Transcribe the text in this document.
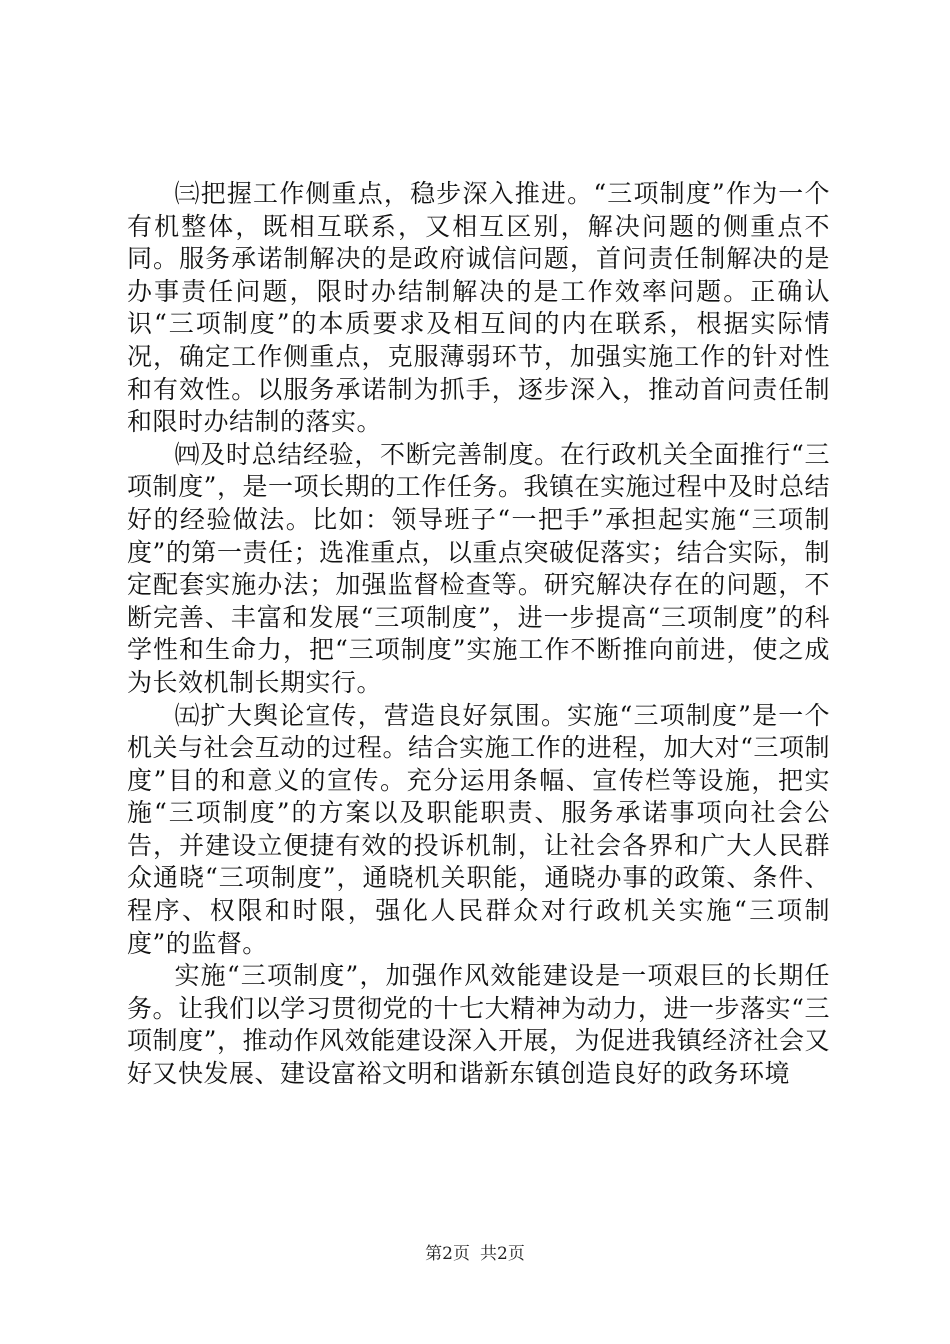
㈢把握工作侧重点，稳步深入推进。“三项制度”作为一个有机整体，既相互联系，又相互区别，解决问题的侧重点不同。服务承诺制解决的是政府诚信问题，首问责任制解决的是办事责任问题，限时办结制解决的是工作效率问题。正确认识“三项制度”的本质要求及相互间的内在联系，根据实际情况，确定工作侧重点，克服薄弱环节，加强实施工作的针对性和有效性。以服务承诺制为抓手，逐步深入，推动首问责任制和限时办结制的落实。

㈣及时总结经验，不断完善制度。在行政机关全面推行“三项制度”，是一项长期的工作任务。我镇在实施过程中及时总结好的经验做法。比如：领导班子“一把手”承担起实施“三项制度”的第一责任；选准重点，以重点突破促落实；结合实际，制定配套实施办法；加强监督检查等。研究解决存在的问题，不断完善、丰富和发展“三项制度”，进一步提高“三项制度”的科学性和生命力，把“三项制度”实施工作不断推向前进，使之成为长效机制长期实行。

㈤扩大舆论宣传，营造良好氛围。实施“三项制度”是一个机关与社会互动的过程。结合实施工作的进程，加大对“三项制度”目的和意义的宣传。充分运用条幅、宣传栏等设施，把实施“三项制度”的方案以及职能职责、服务承诺事项向社会公告，并建设立便捷有效的投诉机制，让社会各界和广大人民群众通晓“三项制度”，通晓机关职能，通晓办事的政策、条件、程序、权限和时限，强化人民群众对行政机关实施“三项制度”的监督。

实施“三项制度”，加强作风效能建设是一项艰巨的长期任务。让我们以学习贯彻党的十七大精神为动力，进一步落实“三项制度”，推动作风效能建设深入开展，为促进我镇经济社会又好又快发展、建设富裕文明和谐新东镇创造良好的政务环境

第2页 共2页
